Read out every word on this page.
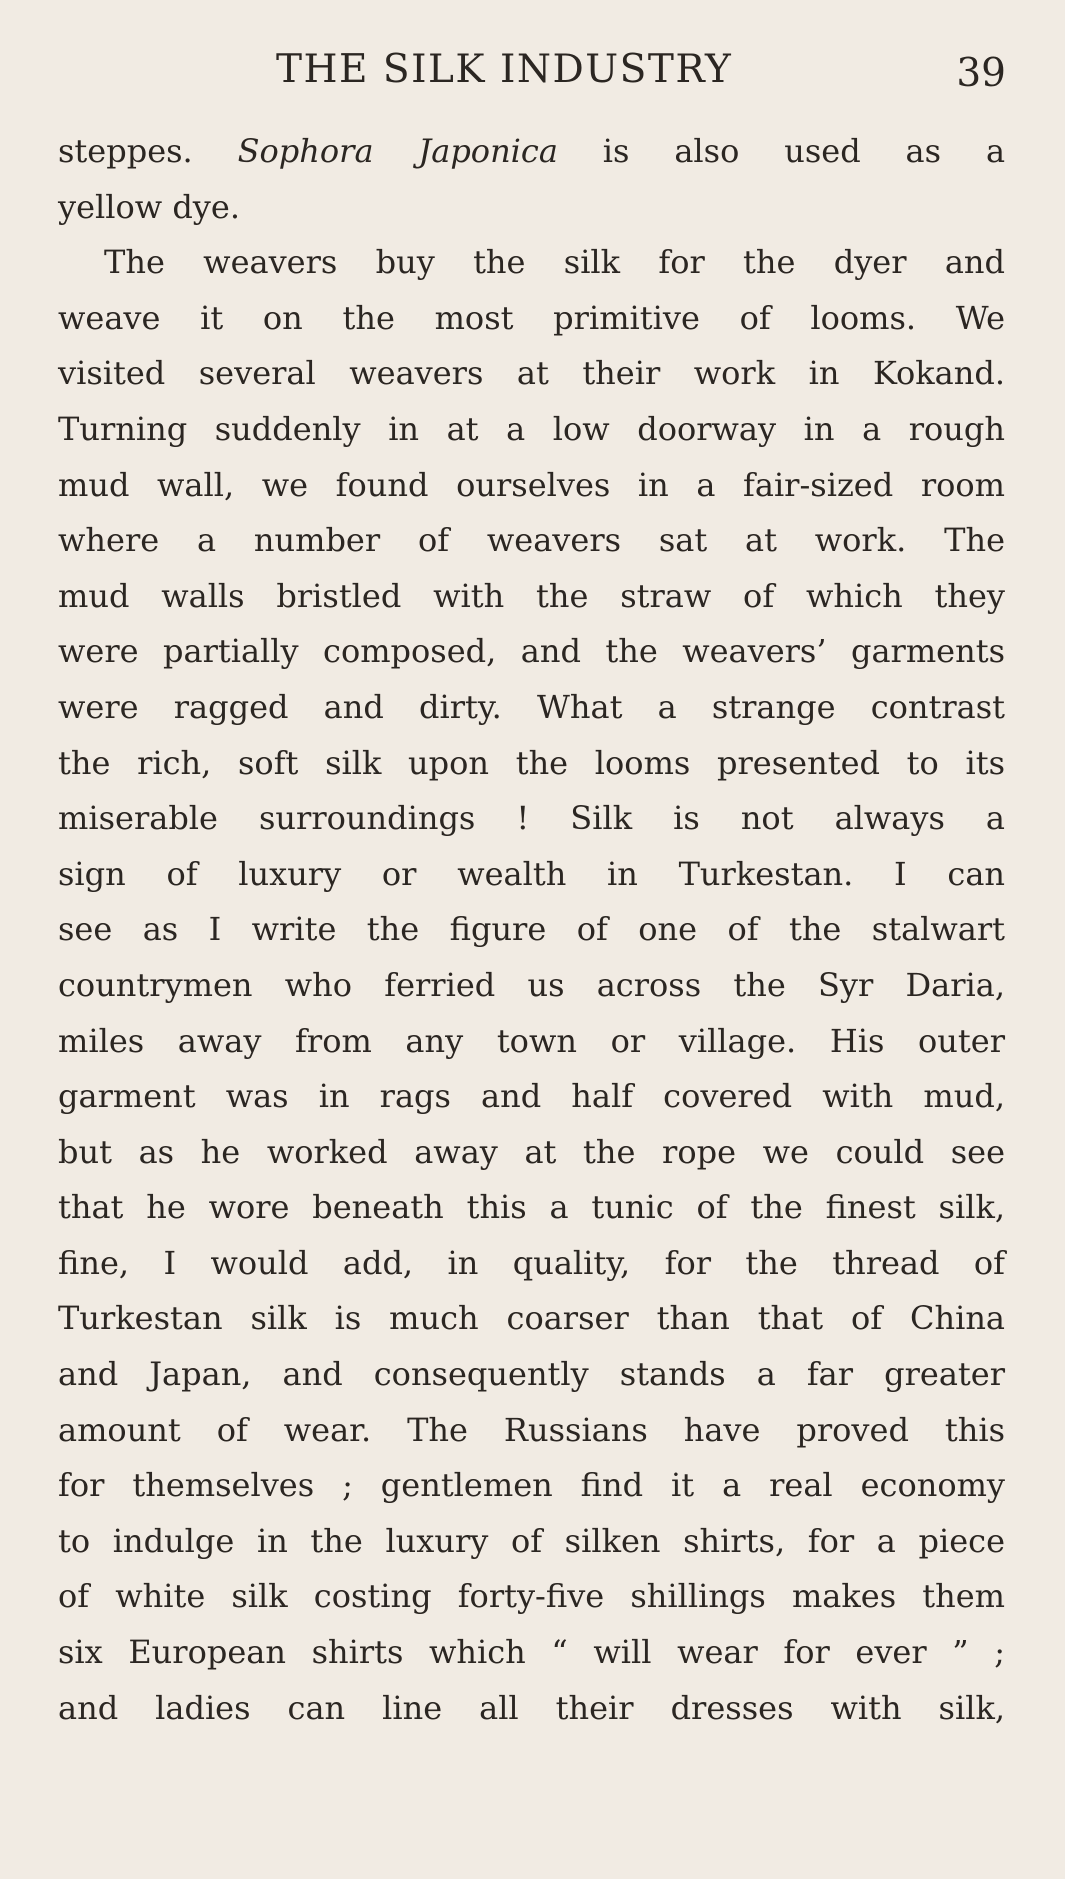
THE SILK INDUSTRY	39
steppes. Sophora Japonica is also used as a
yellow dye.
The weavers buy the silk for the dyer and
weave it on the most primitive of looms. We
visited several weavers at their work in Kokand.
Turning suddenly in at a low doorway in a rough
mud wall, we found ourselves in a fair-sized room
where a number of weavers sat at work. The
mud walls bristled with the straw of which they
were partially composed, and the weavers’ garments
were ragged and dirty. What a strange contrast
the rich, soft silk upon the looms presented to its
miserable surroundings ! Silk is not always a
sign of luxury or wealth in Turkestan. I can
see as I write the figure of one of the stalwart
countrymen who ferried us across the Syr Daria,
miles away from any town or village. His outer
garment was in rags and half covered with mud,
but as he worked away at the rope we could see
that he wore beneath this a tunic of the finest silk,
fine, I would add, in quality, for the thread of
Turkestan silk is much coarser than that of China
and Japan, and consequently stands a far greater
amount of wear. The Russians have proved this
for themselves ; gentlemen find it a real economy
to indulge in the luxury of silken shirts, for a piece
of white silk costing forty-five shillings makes them
six European shirts which “ will wear for ever ” ;
and ladies can line all their dresses with silk,
